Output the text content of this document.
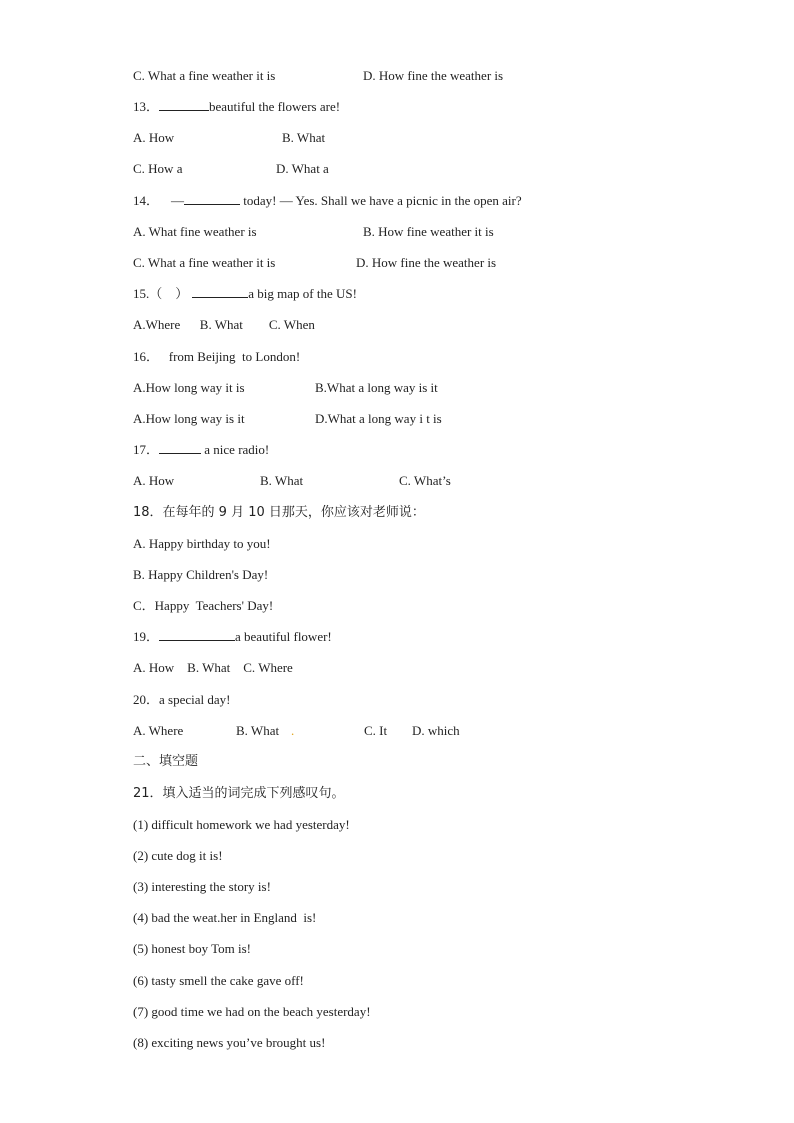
C. What a fine weather it is	D. How fine the weather is
13．	beautiful the flowers are!
A. How	B. What
C. How a	D. What a
14． —	today! — Yes. Shall we have a picnic in the open air?
A. What fine weather is	B. How fine weather it is
C. What a fine weather it is	D. How fine the weather is
15.（    ）	a big map of the US!
A.Where      B. What        C. When
16．   from Beijing  to London!
A.How long way it is	B.What a long way is it
A.How long way is it	D.What a long way i t is
17．	a nice radio!
A. How	B. What	C. What’s
18．在每年的 9 月 10 日那天，你应该对老师说：
A. Happy birthday to you!
B. Happy Children's Day!
C．Happy  Teachers' Day!
19．	a beautiful flower!
A. How    B. What    C. Where
20．a special day!
A. Where	B. What .	C. It D. which
二、填空题
21．填入适当的词完成下列感叹句。
(1) difficult homework we had yesterday!
(2) cute dog it is!
(3) interesting the story is!
(4) bad the weat.her in England  is!
(5) honest boy Tom is!
(6) tasty smell the cake gave off!
(7) good time we had on the beach yesterday!
(8) exciting news you’ve brought us!
